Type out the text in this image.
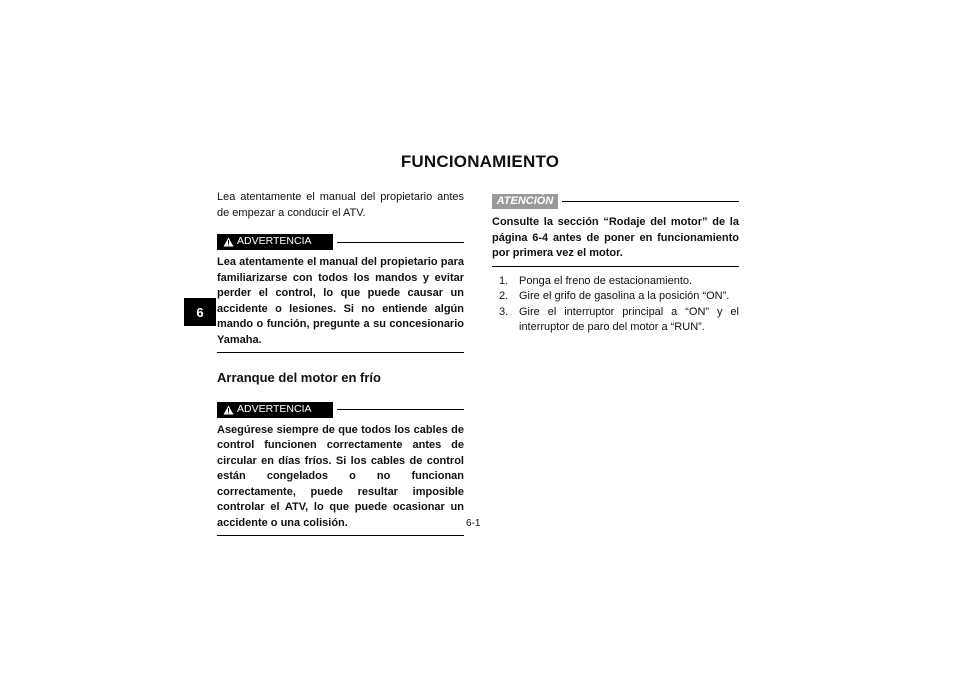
FUNCIONAMIENTO
6

Lea atentamente el manual del propietario antes de empezar a conducir el ATV.

ADVERTENCIA

Lea atentamente el manual del propietario para familiarizarse con todos los mandos y evitar perder el control, lo que puede causar un accidente o lesiones. Si no entiende algún mando o función, pregunte a su concesionario Yamaha.

Arranque del motor en frío
ADVERTENCIA

Asegúrese siempre de que todos los cables de control funcionen correctamente antes de circular en días fríos. Si los cables de control están congelados o no funcionan correctamente, puede resultar imposible controlar el ATV, lo que puede ocasionar un accidente o una colisión.

ATENCIÓN

Consulte la sección “Rodaje del motor” de la página 6-4 antes de poner en funcionamiento por primera vez el motor.

1. Ponga el freno de estacionamiento.
2. Gire el grifo de gasolina a la posición “ON”.
3. Gire el interruptor principal a “ON” y el interruptor de paro del motor a “RUN”.
6-1
